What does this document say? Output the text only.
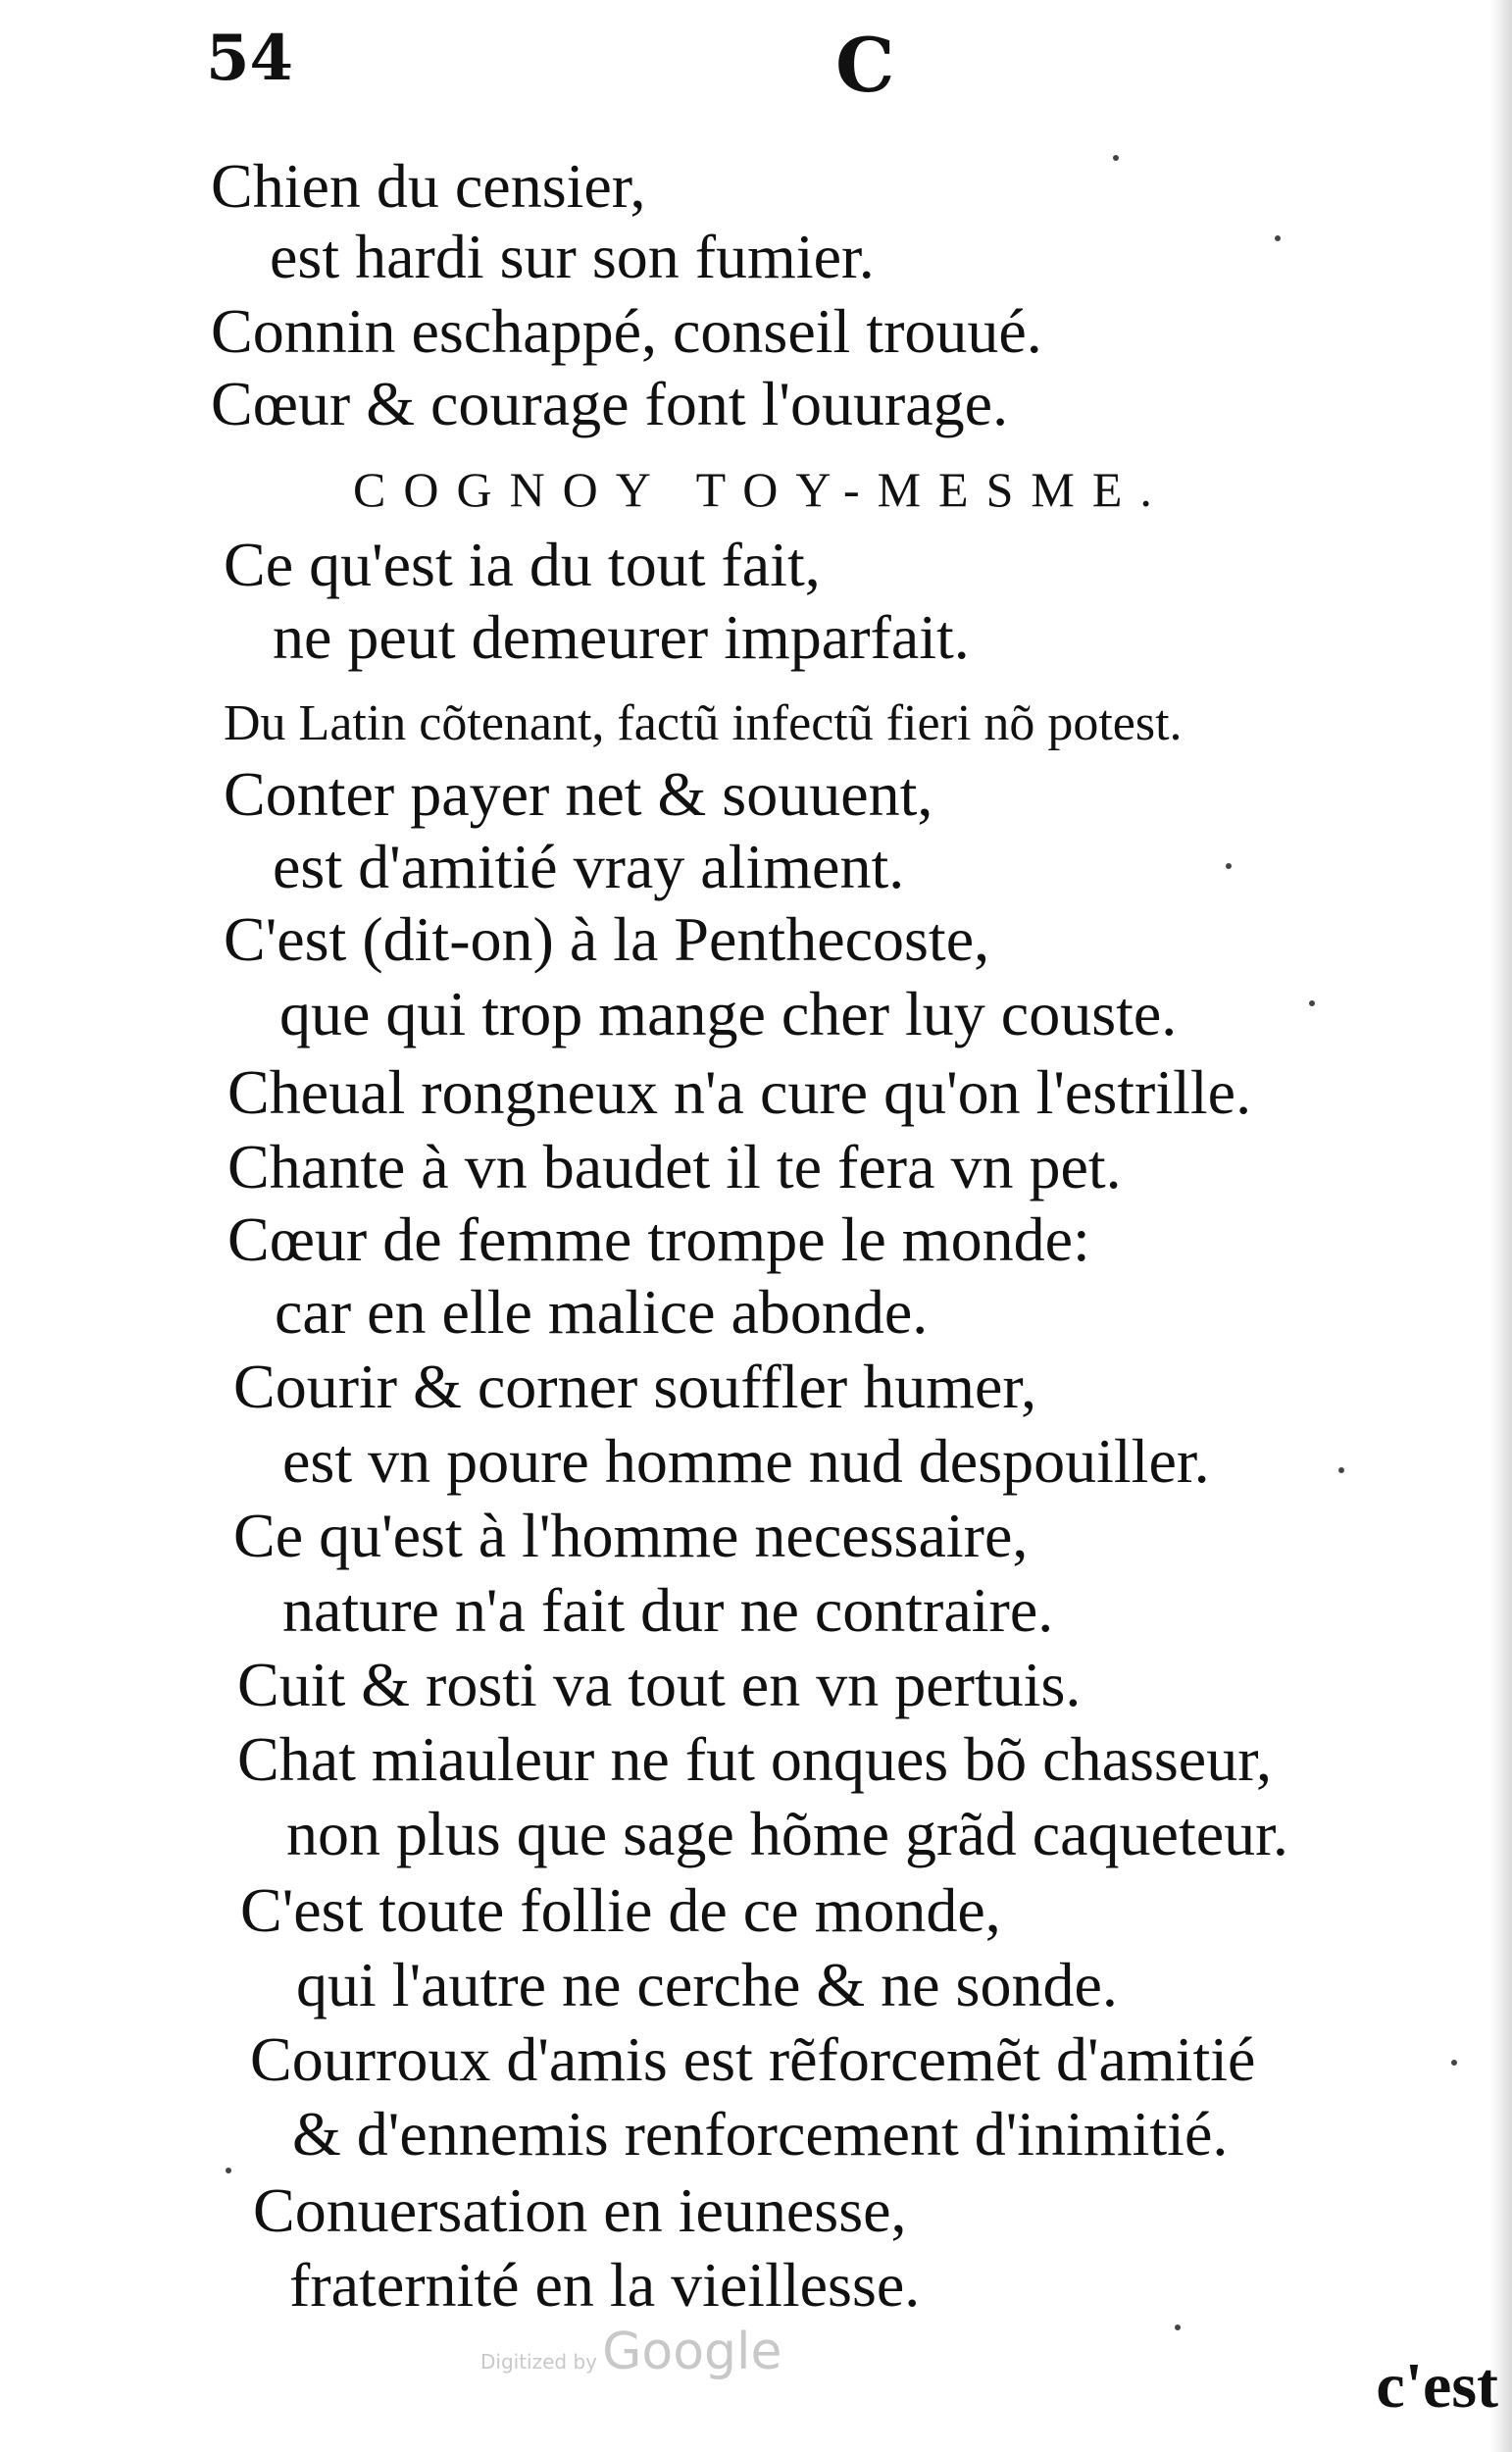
54	C
Chien du censier,
est hardi sur son fumier.
Connin eschappé, conseil trouué.
Cœur & courage font l'ouurage.
COGNOY TOY-MESME.
Ce qu'est ia du tout fait,
ne peut demeurer imparfait.
Du Latin cõtenant, factũ infectũ fieri nõ potest.
Conter payer net & souuent,
est d'amitié vray aliment.
C'est (dit-on) à la Penthecoste,
que qui trop mange cher luy couste.
Cheual rongneux n'a cure qu'on l'estrille.
Chante à vn baudet il te fera vn pet.
Cœur de femme trompe le monde:
car en elle malice abonde.
Courir & corner souffler humer,
est vn poure homme nud despouiller.
Ce qu'est à l'homme necessaire,
nature n'a fait dur ne contraire.
Cuit & rosti va tout en vn pertuis.
Chat miauleur ne fut onques bõ chasseur,
non plus que sage hõme grãd caqueteur.
C'est toute follie de ce monde,
qui l'autre ne cerche & ne sonde.
Courroux d'amis est rẽforcemẽt d'amitié
& d'ennemis renforcement d'inimitié.
Conuersation en ieunesse,
fraternité en la vieillesse.
Digitized by Google	c'est
